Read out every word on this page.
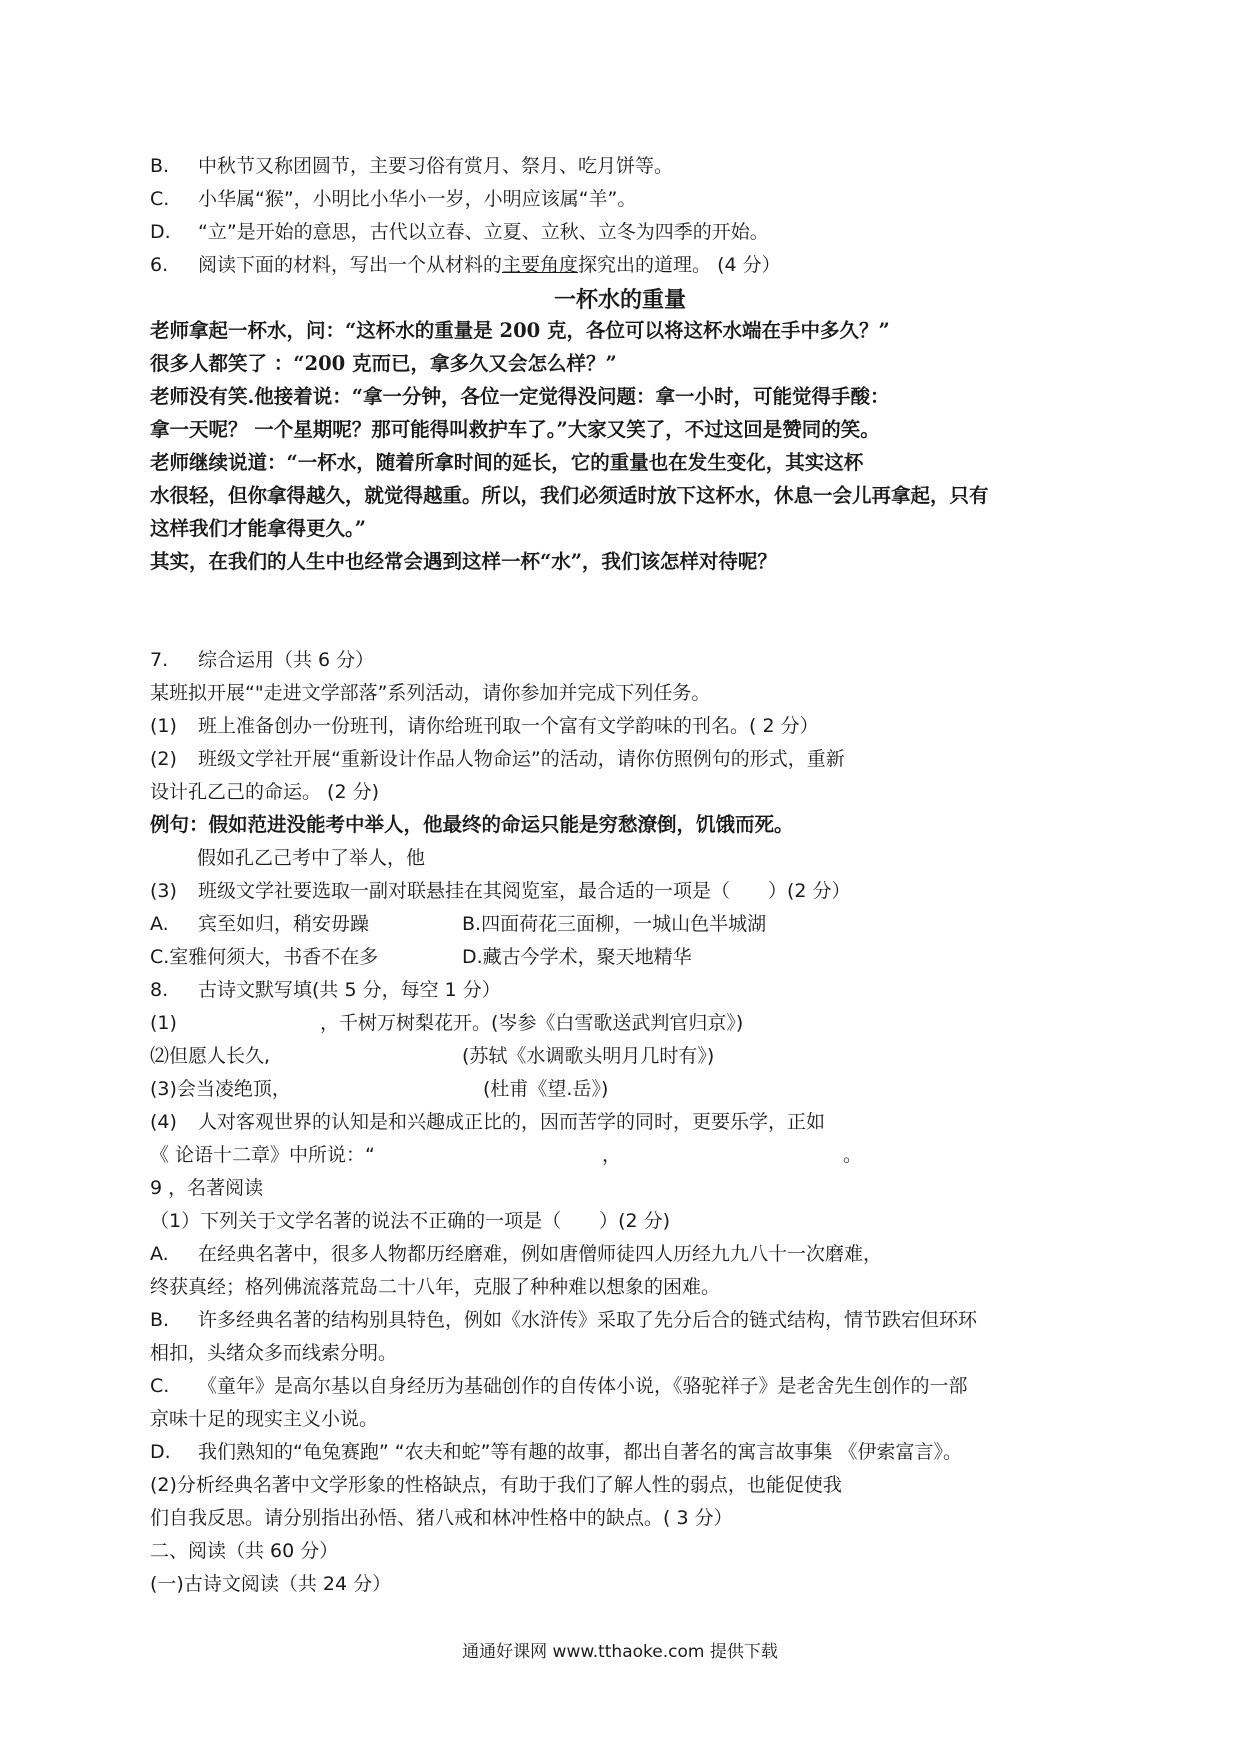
B. 中秋节又称团圆节，主要习俗有赏月、祭月、吃月饼等。
C. 小华属“猴”，小明比小华小一岁，小明应该属“羊”。
D. “立”是开始的意思，古代以立春、立夏、立秋、立冬为四季的开始。
6. 阅读下面的材料，写出一个从材料的主要角度探究出的道理。 (4 分）
一杯水的重量
老师拿起一杯水，问：“这杯水的重量是 200 克，各位可以将这杯水端在手中多久？”
很多人都笑了 ：“200 克而已，拿多久又会怎么样？”
老师没有笑.他接着说：“拿一分钟，各位一定觉得没问题：拿一小时，可能觉得手酸：
拿一天呢？ 一个星期呢？那可能得叫救护车了。”大家又笑了，不过这回是赞同的笑。
老师继续说道：“一杯水，随着所拿时间的延长，它的重量也在发生变化，其实这杯
水很轻，但你拿得越久，就觉得越重。所以，我们必须适时放下这杯水，休息一会儿再拿起，只有
这样我们才能拿得更久。”
其实，在我们的人生中也经常会遇到这样一杯“水”，我们该怎样对待呢？
7. 综合运用（共 6 分）
某班拟开展“"走进文学部落”系列活动，请你参加并完成下列任务。
(1) 班上准备创办一份班刊，请你给班刊取一个富有文学韵味的刊名。( 2 分）
(2) 班级文学社开展“重新设计作品人物命运”的活动，请你仿照例句的形式，重新
设计孔乙己的命运。 (2 分)
例句：假如范进没能考中举人，他最终的命运只能是穷愁潦倒，饥饿而死。
假如孔乙己考中了举人，他
(3) 班级文学社要选取一副对联悬挂在其阅览室，最合适的一项是（　　）(2 分）
A. 宾至如归，稍安毋躁	B.四面荷花三面柳，一城山色半城湖
C.室雅何须大，书香不在多	D.藏古今学术，聚天地精华
8. 古诗文默写填(共 5 分，每空 1 分）
(1)	，千树万树梨花开。(岑参《白雪歌送武判官归京》)
⑵但愿人长久,	(苏轼《水调歌头明月几时有》)
(3)会当凌绝顶，	(杜甫《望.岳》)
(4) 人对客观世界的认知是和兴趣成正比的，因而苦学的同时，更要乐学，正如
《 论语十二章》中所说：“	，	。
9 ，名著阅读
（1）下列关于文学名著的说法不正确的一项是（　　）(2 分)
A. 在经典名著中，很多人物都历经磨难，例如唐僧师徒四人历经九九八十一次磨难，
终获真经；格列佛流落荒岛二十八年，克服了种种难以想象的困难。
B. 许多经典名著的结构别具特色，例如《水浒传》采取了先分后合的链式结构，情节跌宕但环环
相扣，头绪众多而线索分明。
C. 《童年》是高尔基以自身经历为基础创作的自传体小说，《骆驼祥子》是老舍先生创作的一部
京味十足的现实主义小说。
D. 我们熟知的“龟兔赛跑” “农夫和蛇”等有趣的故事，都出自著名的寓言故事集 《伊索富言》。
(2)分析经典名著中文学形象的性格缺点，有助于我们了解人性的弱点，也能促使我
们自我反思。请分别指出孙悟、猪八戒和林冲性格中的缺点。( 3 分）
二、阅读（共 60 分）
(一)古诗文阅读（共 24 分）
通通好课网 www.tthaoke.com 提供下载
